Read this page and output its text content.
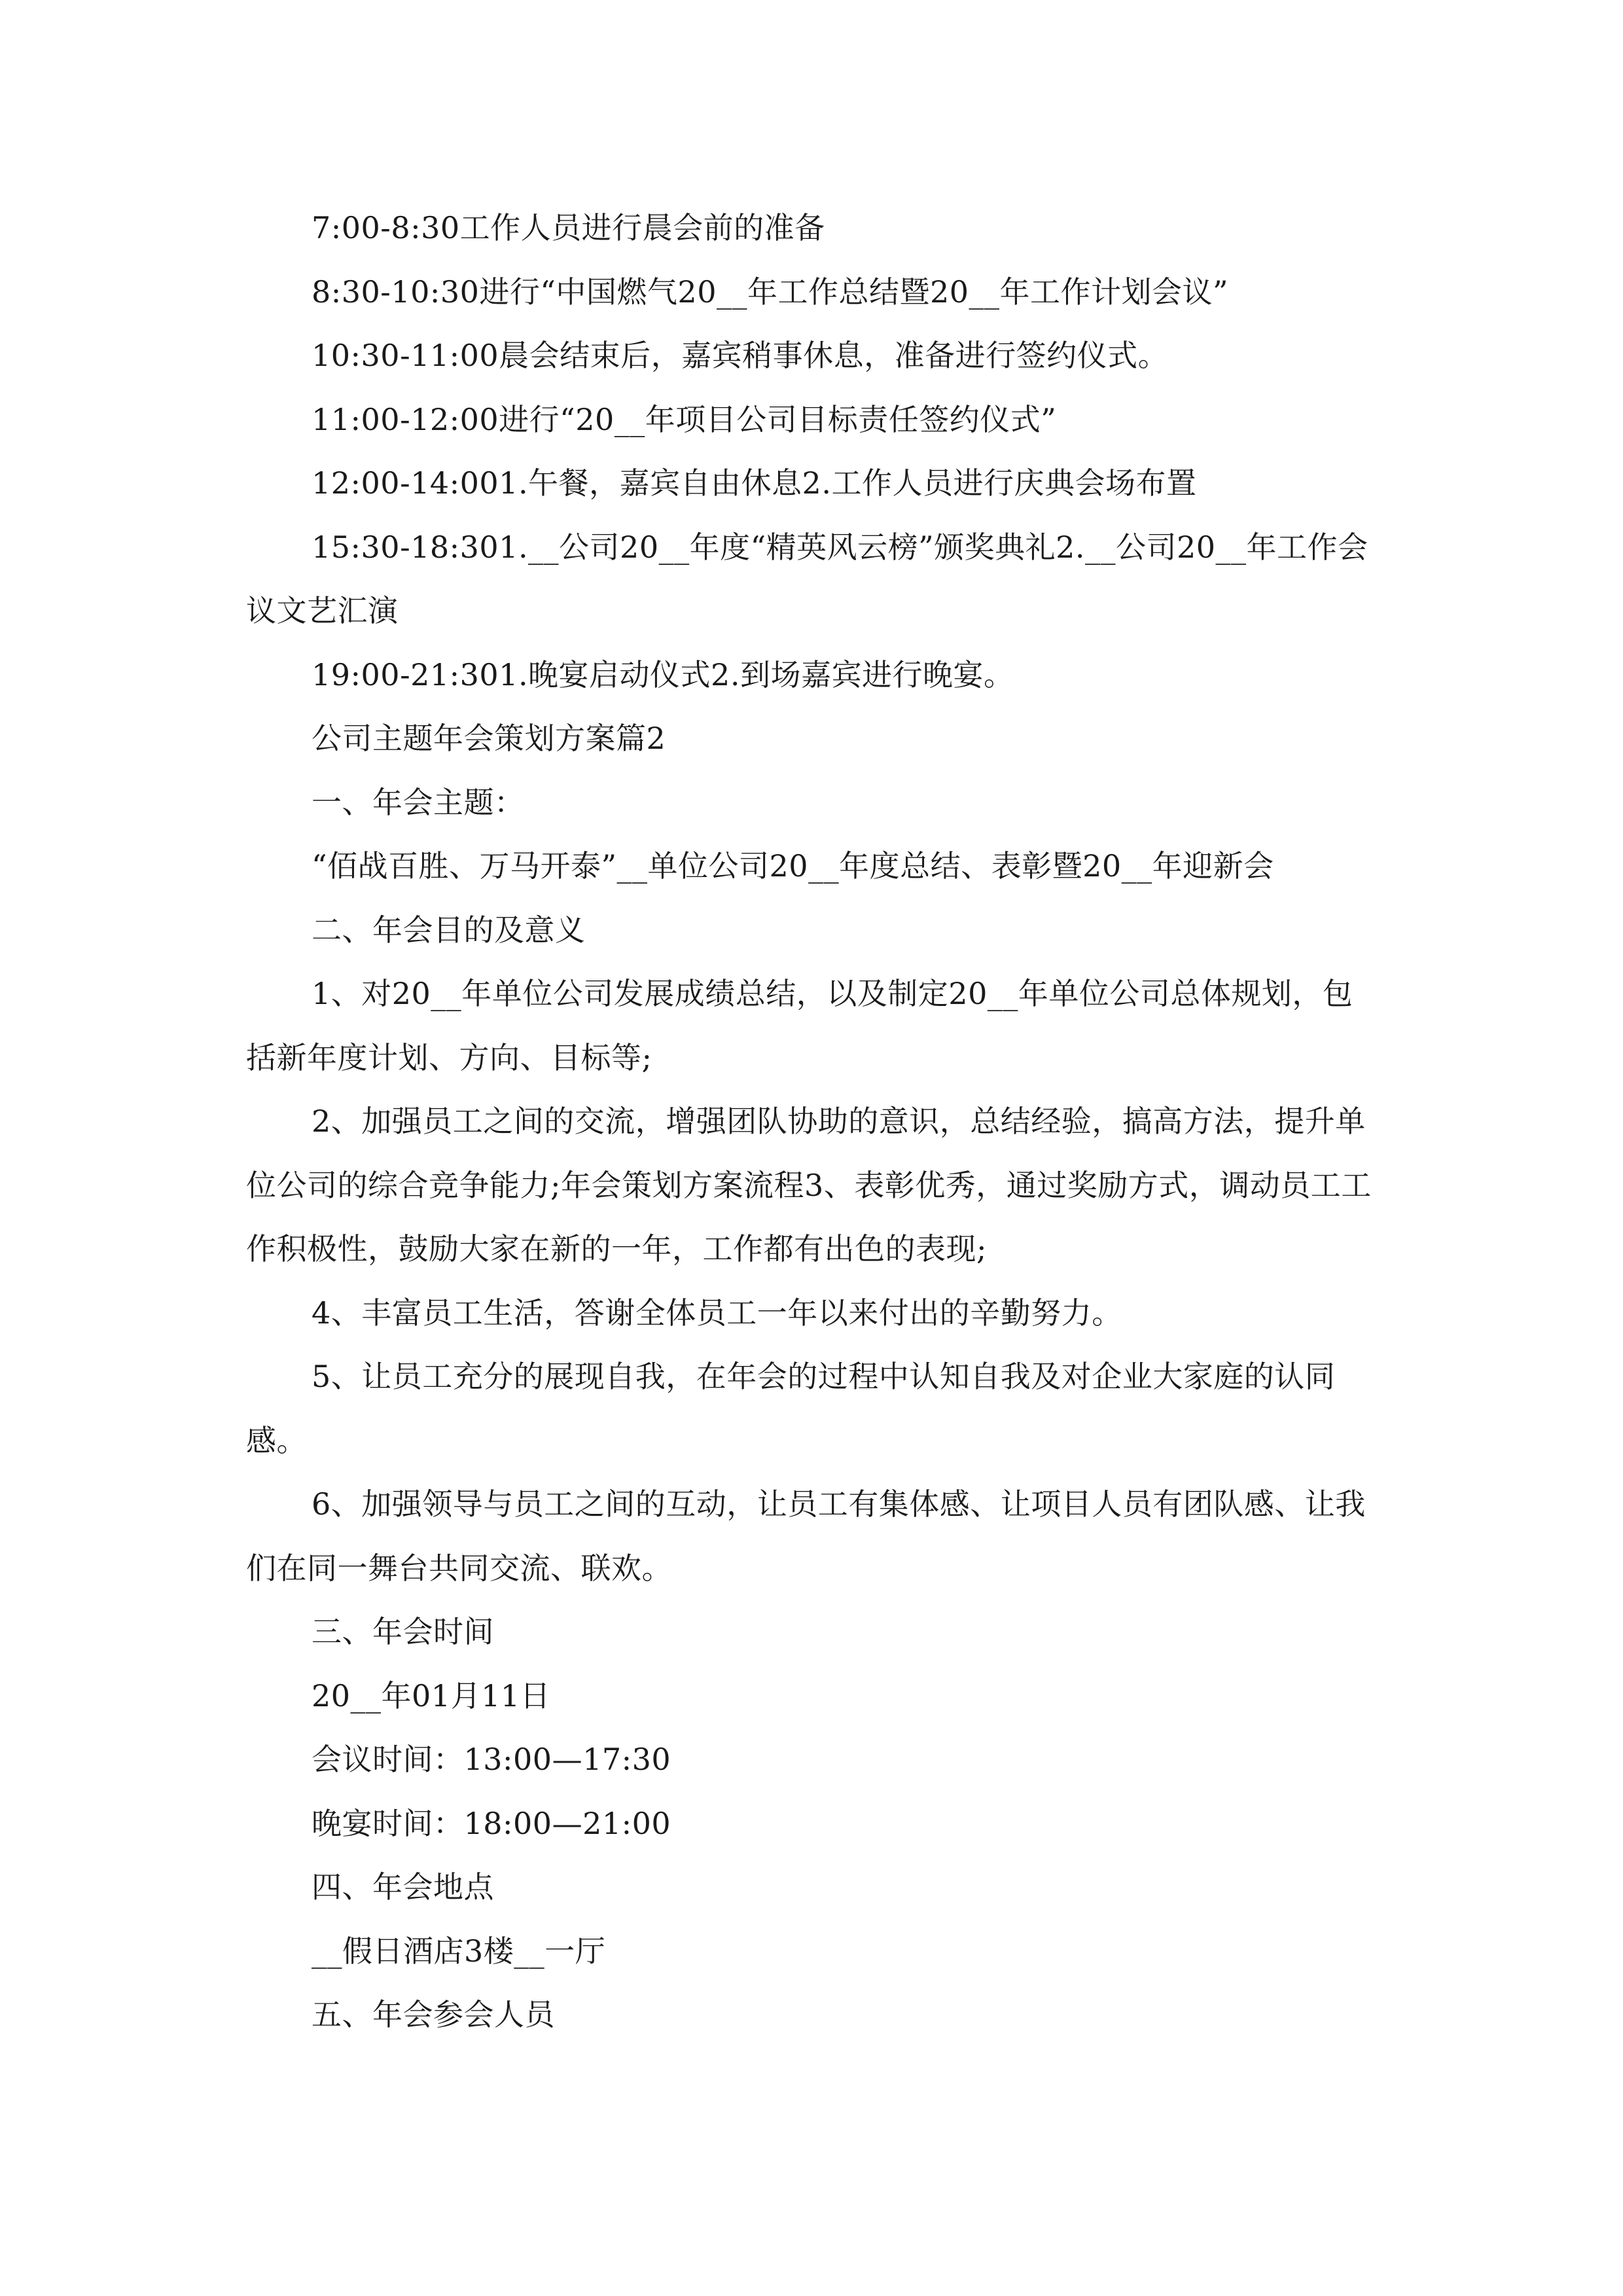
7:00-8:30工作人员进行晨会前的准备

8:30-10:30进行“中国燃气20__年工作总结暨20__年工作计划会议”

10:30-11:00晨会结束后，嘉宾稍事休息，准备进行签约仪式。

11:00-12:00进行“20__年项目公司目标责任签约仪式”

12:00-14:001.午餐，嘉宾自由休息2.工作人员进行庆典会场布置

15:30-18:301.__公司20__年度“精英风云榜”颁奖典礼2.__公司20__年工作会议文艺汇演

19:00-21:301.晚宴启动仪式2.到场嘉宾进行晚宴。

公司主题年会策划方案篇2

一、年会主题：

“佰战百胜、万马开泰”__单位公司20__年度总结、表彰暨20__年迎新会

二、年会目的及意义

1、对20__年单位公司发展成绩总结，以及制定20__年单位公司总体规划，包括新年度计划、方向、目标等;

2、加强员工之间的交流，增强团队协助的意识，总结经验，搞高方法，提升单位公司的综合竞争能力;年会策划方案流程3、表彰优秀，通过奖励方式，调动员工工作积极性，鼓励大家在新的一年，工作都有出色的表现;

4、丰富员工生活，答谢全体员工一年以来付出的辛勤努力。

5、让员工充分的展现自我，在年会的过程中认知自我及对企业大家庭的认同感。

6、加强领导与员工之间的互动，让员工有集体感、让项目人员有团队感、让我们在同一舞台共同交流、联欢。

三、年会时间

20__年01月11日

会议时间：13:00—17:30

晚宴时间：18:00—21:00

四、年会地点

__假日酒店3楼__一厅

五、年会参会人员
